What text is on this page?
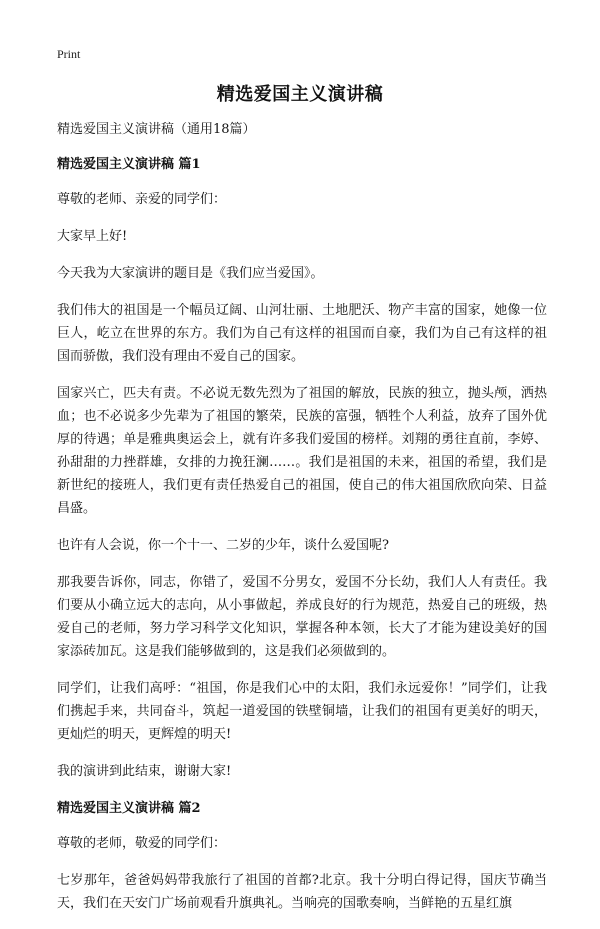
Print
精选爱国主义演讲稿

精选爱国主义演讲稿（通用18篇）

精选爱国主义演讲稿 篇1

尊敬的老师、亲爱的同学们：

大家早上好!

今天我为大家演讲的题目是《我们应当爱国》。

我们伟大的祖国是一个幅员辽阔、山河壮丽、土地肥沃、物产丰富的国家，她像一位巨人，屹立在世界的东方。我们为自己有这样的祖国而自豪，我们为自己有这样的祖国而骄傲，我们没有理由不爱自己的国家。

国家兴亡，匹夫有责。不必说无数先烈为了祖国的解放，民族的独立，抛头颅，洒热血；也不必说多少先辈为了祖国的繁荣，民族的富强，牺牲个人利益，放弃了国外优厚的待遇；单是雅典奥运会上，就有许多我们爱国的榜样。刘翔的勇往直前，李婷、孙甜甜的力挫群雄，女排的力挽狂澜……。我们是祖国的未来，祖国的希望，我们是新世纪的接班人，我们更有责任热爱自己的祖国，使自己的伟大祖国欣欣向荣、日益昌盛。

也许有人会说，你一个十一、二岁的少年，谈什么爱国呢?

那我要告诉你，同志，你错了，爱国不分男女，爱国不分长幼，我们人人有责任。我们要从小确立远大的志向，从小事做起，养成良好的行为规范，热爱自己的班级，热爱自己的老师，努力学习科学文化知识，掌握各种本领，长大了才能为建设美好的国家添砖加瓦。这是我们能够做到的，这是我们必须做到的。

同学们，让我们高呼：“祖国，你是我们心中的太阳，我们永远爱你！”同学们，让我们携起手来，共同奋斗，筑起一道爱国的铁壁铜墙，让我们的祖国有更美好的明天，更灿烂的明天，更辉煌的明天!

我的演讲到此结束，谢谢大家!

精选爱国主义演讲稿 篇2

尊敬的老师，敬爱的同学们：

七岁那年，爸爸妈妈带我旅行了祖国的首都?北京。我十分明白得记得，国庆节确当天，我们在天安门广场前观看升旗典礼。当响亮的国歌奏响，当鲜艳的五星红旗
